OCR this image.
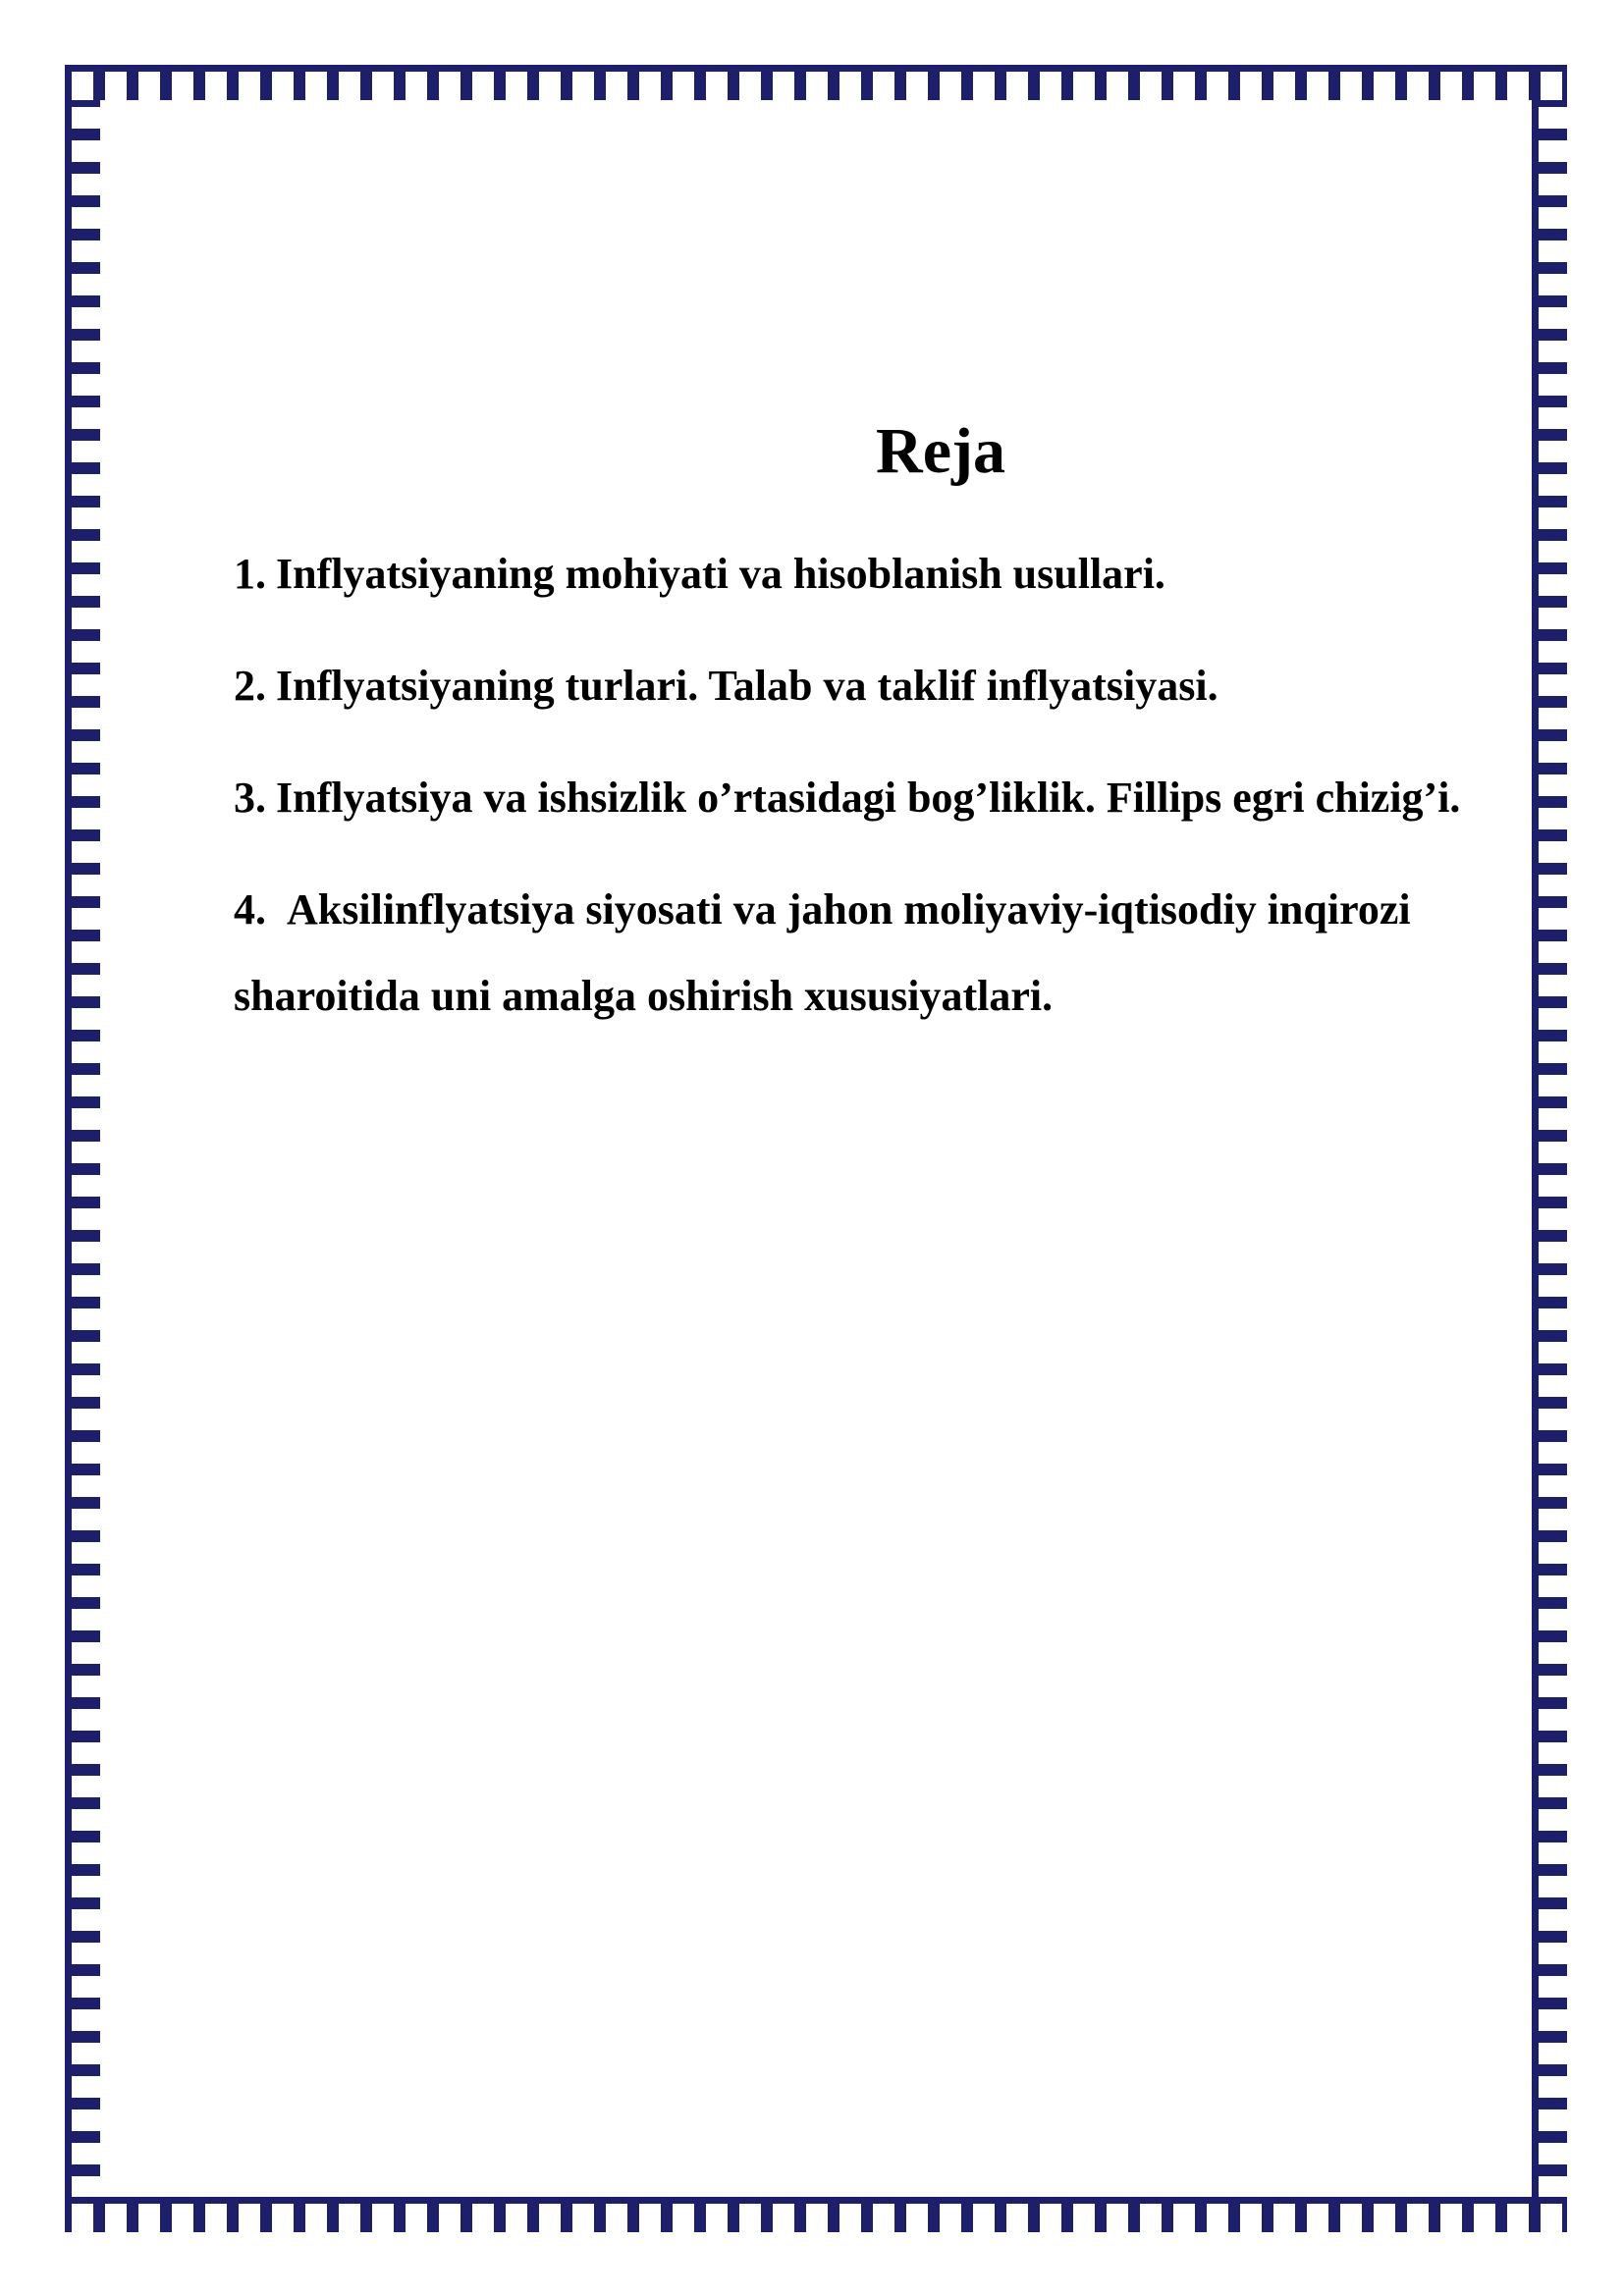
Reja
1. Inflyatsiyaning mohiyati va hisoblanish usullari.
2. Inflyatsiyaning turlari. Talab va taklif inflyatsiyasi.
3. Inflyatsiya va ishsizlik o’rtasidagi bog’liklik. Fillips egri chizig’i.
4. Aksilinflyatsiya siyosati va jahon moliyaviy-iqtisodiy inqirozi sharoitida uni amalga oshirish xususiyatlari.
